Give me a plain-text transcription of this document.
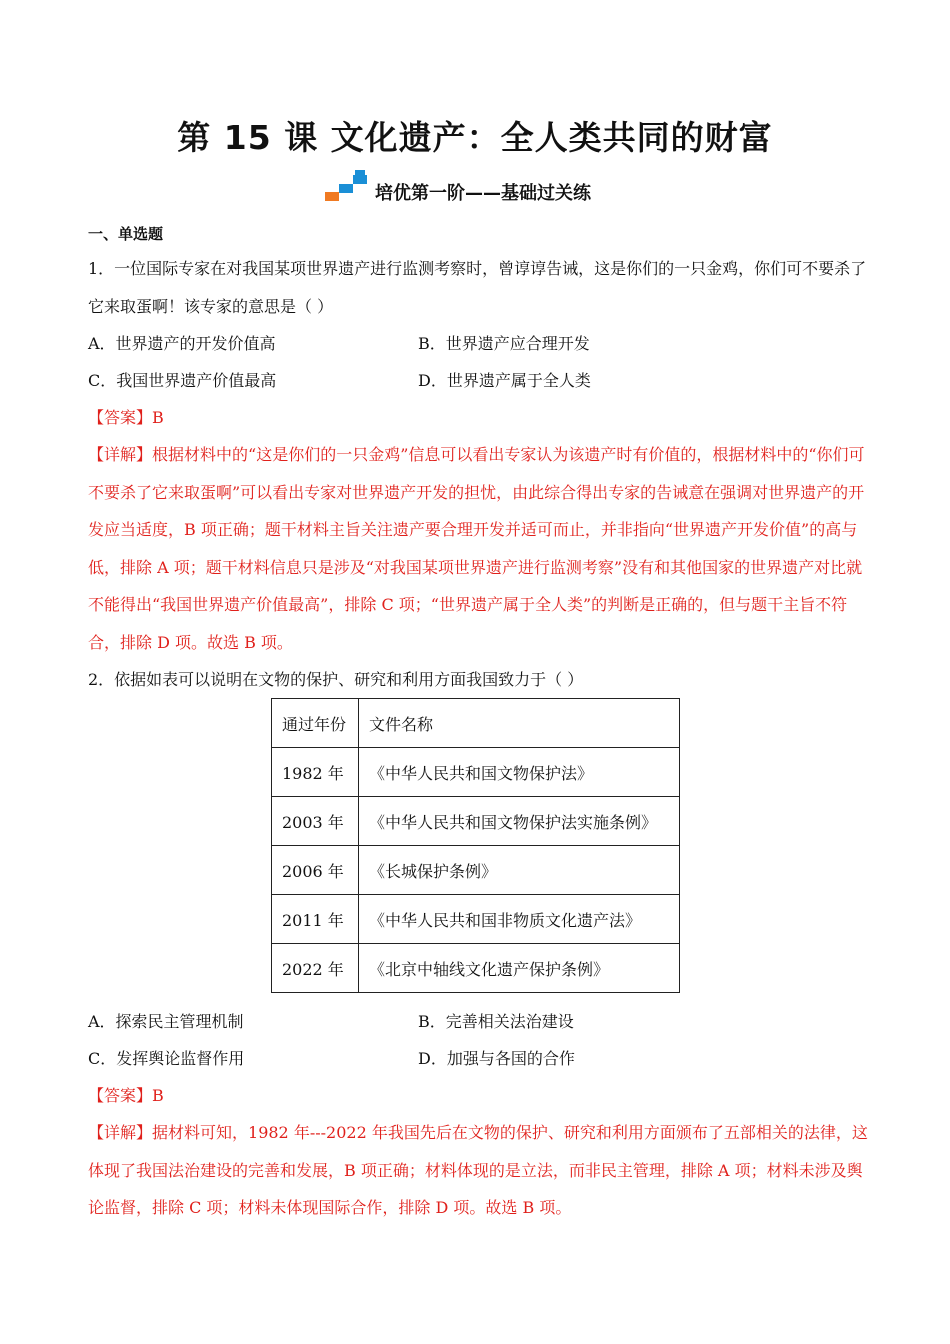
第 15 课 文化遗产：全人类共同的财富
培优第一阶——基础过关练
一、单选题

1．一位国际专家在对我国某项世界遗产进行监测考察时，曾谆谆告诫，这是你们的一只金鸡，你们可不要杀了它来取蛋啊！该专家的意思是（ ）

A．世界遗产的开发价值高	B．世界遗产应合理开发
C．我国世界遗产价值最高	D．世界遗产属于全人类
【答案】B

【详解】根据材料中的“这是你们的一只金鸡”信息可以看出专家认为该遗产时有价值的，根据材料中的“你们可不要杀了它来取蛋啊”可以看出专家对世界遗产开发的担忧，由此综合得出专家的告诫意在强调对世界遗产的开发应当适度，B 项正确；题干材料主旨关注遗产要合理开发并适可而止，并非指向“世界遗产开发价值”的高与低，排除 A 项；题干材料信息只是涉及“对我国某项世界遗产进行监测考察”没有和其他国家的世界遗产对比就不能得出“我国世界遗产价值最高”，排除 C 项；“世界遗产属于全人类”的判断是正确的，但与题干主旨不符合，排除 D 项。故选 B 项。

2．依据如表可以说明在文物的保护、研究和利用方面我国致力于（ ）
通过年份	文件名称
1982 年	《中华人民共和国文物保护法》
2003 年	《中华人民共和国文物保护法实施条例》
2006 年	《长城保护条例》
2011 年	《中华人民共和国非物质文化遗产法》
2022 年	《北京中轴线文化遗产保护条例》
A．探索民主管理机制	B．完善相关法治建设
C．发挥舆论监督作用	D．加强与各国的合作
【答案】B

【详解】据材料可知，1982 年---2022 年我国先后在文物的保护、研究和利用方面颁布了五部相关的法律，这体现了我国法治建设的完善和发展，B 项正确；材料体现的是立法，而非民主管理，排除 A 项；材料未涉及舆论监督，排除 C 项；材料未体现国际合作，排除 D 项。故选 B 项。
